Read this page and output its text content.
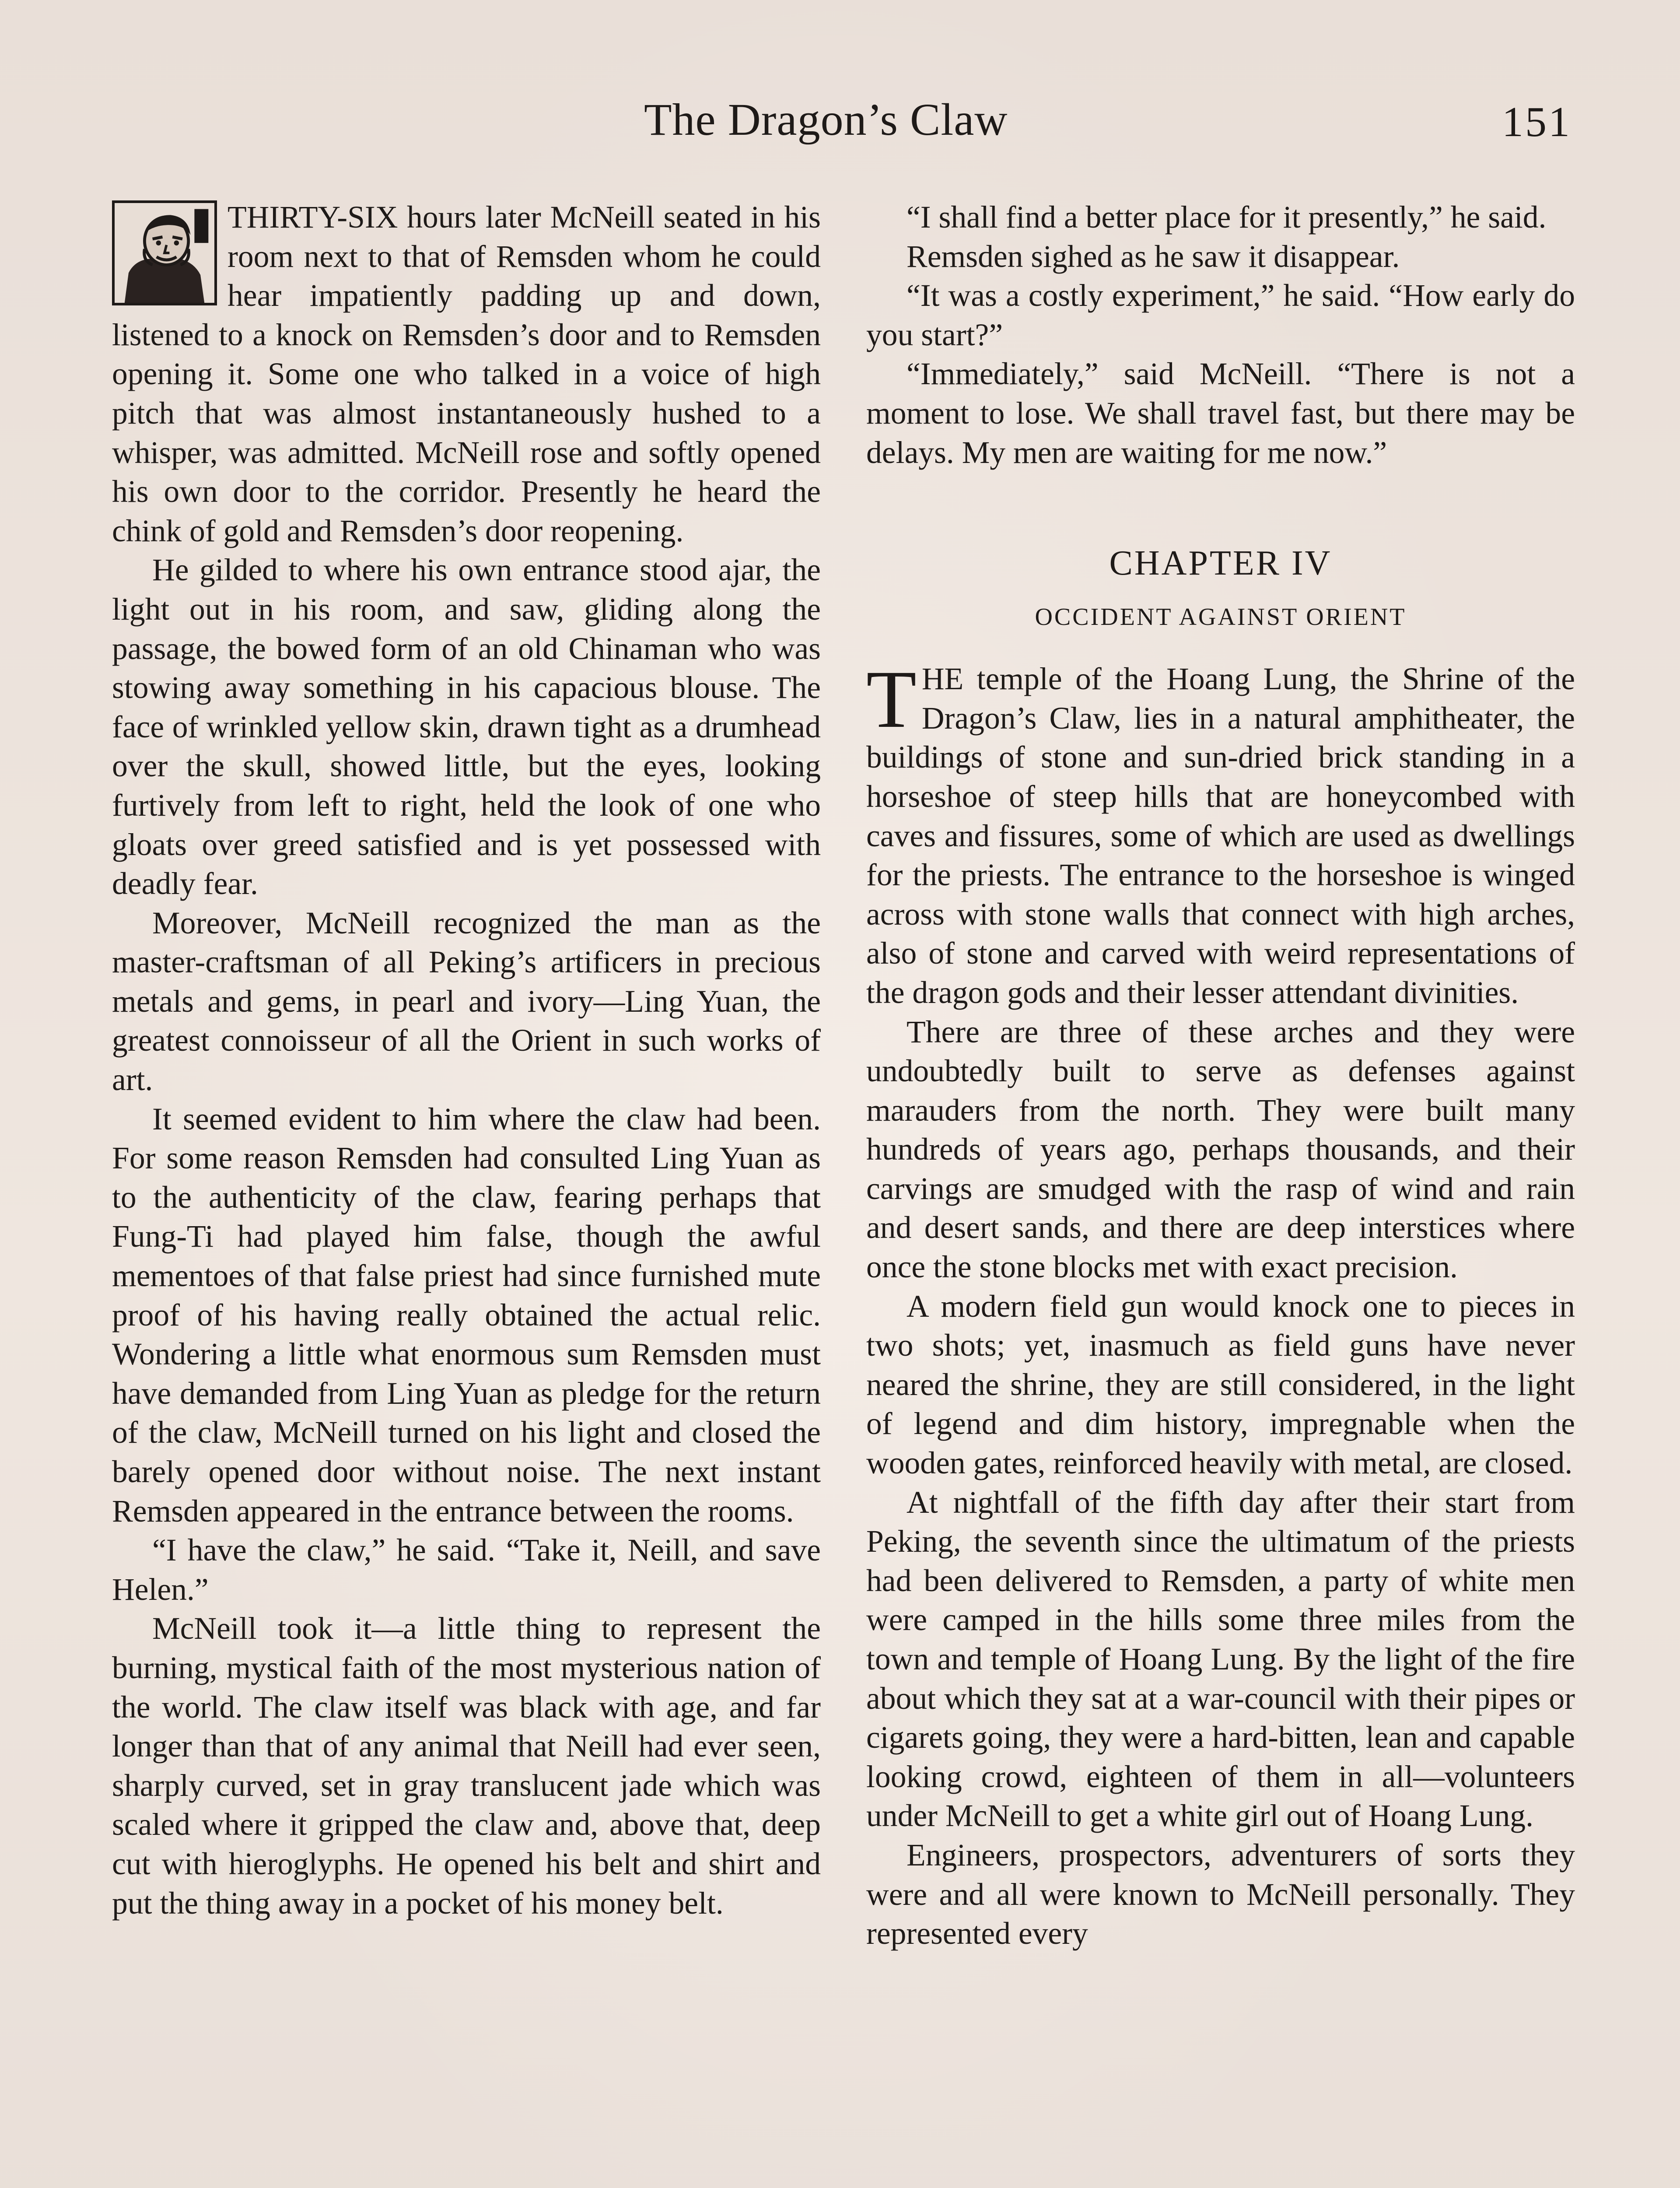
The Dragon’s Claw	151

THIRTY-SIX hours later McNeill seated in his room next to that of Remsden whom he could hear impatiently padding up and down, listened to a knock on Remsden’s door and to Remsden opening it. Some one who talked in a voice of high pitch that was almost instantaneously hushed to a whisper, was admitted. McNeill rose and softly opened his own door to the corridor. Presently he heard the chink of gold and Remsden’s door reopening.

He gilded to where his own entrance stood ajar, the light out in his room, and saw, gliding along the passage, the bowed form of an old Chinaman who was stowing away something in his capacious blouse. The face of wrinkled yellow skin, drawn tight as a drumhead over the skull, showed little, but the eyes, looking furtively from left to right, held the look of one who gloats over greed satisfied and is yet possessed with deadly fear.

Moreover, McNeill recognized the man as the master-craftsman of all Peking’s artificers in precious metals and gems, in pearl and ivory—Ling Yuan, the greatest connoisseur of all the Orient in such works of art.

It seemed evident to him where the claw had been. For some reason Remsden had consulted Ling Yuan as to the authenticity of the claw, fearing perhaps that Fung-Ti had played him false, though the awful mementoes of that false priest had since furnished mute proof of his having really obtained the actual relic. Wondering a little what enormous sum Remsden must have demanded from Ling Yuan as pledge for the return of the claw, McNeill turned on his light and closed the barely opened door without noise. The next instant Remsden appeared in the entrance between the rooms.

“I have the claw,” he said. “Take it, Neill, and save Helen.”

McNeill took it—a little thing to represent the burning, mystical faith of the most mysterious nation of the world. The claw itself was black with age, and far longer than that of any animal that Neill had ever seen, sharply curved, set in gray translucent jade which was scaled where it gripped the claw and, above that, deep cut with hieroglyphs. He opened his belt and shirt and put the thing away in a pocket of his money belt.

“I shall find a better place for it presently,” he said.

Remsden sighed as he saw it disappear.

“It was a costly experiment,” he said. “How early do you start?”

“Immediately,” said McNeill. “There is not a moment to lose. We shall travel fast, but there may be delays. My men are waiting for me now.”

CHAPTER IV
OCCIDENT AGAINST ORIENT

THE temple of the Hoang Lung, the Shrine of the Dragon’s Claw, lies in a natural amphitheater, the buildings of stone and sun-dried brick standing in a horseshoe of steep hills that are honeycombed with caves and fissures, some of which are used as dwellings for the priests. The entrance to the horseshoe is winged across with stone walls that connect with high arches, also of stone and carved with weird representations of the dragon gods and their lesser attendant divinities.

There are three of these arches and they were undoubtedly built to serve as defenses against marauders from the north. They were built many hundreds of years ago, perhaps thousands, and their carvings are smudged with the rasp of wind and rain and desert sands, and there are deep interstices where once the stone blocks met with exact precision.

A modern field gun would knock one to pieces in two shots; yet, inasmuch as field guns have never neared the shrine, they are still considered, in the light of legend and dim history, impregnable when the wooden gates, reinforced heavily with metal, are closed.

At nightfall of the fifth day after their start from Peking, the seventh since the ultimatum of the priests had been delivered to Remsden, a party of white men were camped in the hills some three miles from the town and temple of Hoang Lung. By the light of the fire about which they sat at a war-council with their pipes or cigarets going, they were a hard-bitten, lean and capable looking crowd, eighteen of them in all—volunteers under McNeill to get a white girl out of Hoang Lung.

Engineers, prospectors, adventurers of sorts they were and all were known to McNeill personally. They represented every
